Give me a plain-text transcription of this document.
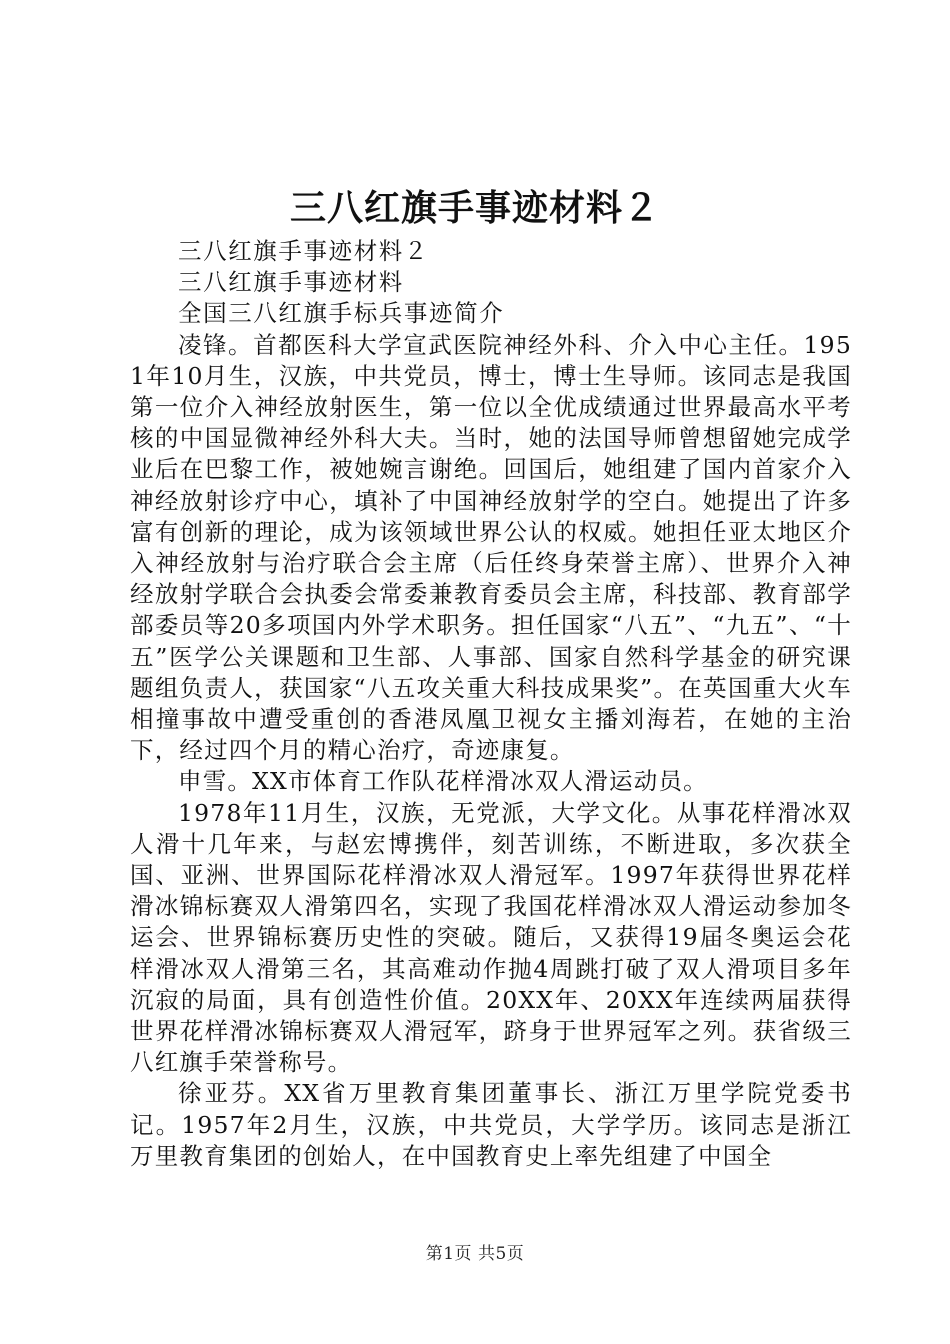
三八红旗手事迹材料２

三八红旗手事迹材料２

三八红旗手事迹材料

全国三八红旗手标兵事迹简介

凌锋。首都医科大学宣武医院神经外科、介入中心主任。1951年10月生，汉族，中共党员，博士，博士生导师。该同志是我国第一位介入神经放射医生，第一位以全优成绩通过世界最高水平考核的中国显微神经外科大夫。当时，她的法国导师曾想留她完成学业后在巴黎工作，被她婉言谢绝。回国后，她组建了国内首家介入神经放射诊疗中心，填补了中国神经放射学的空白。她提出了许多富有创新的理论，成为该领域世界公认的权威。她担任亚太地区介入神经放射与治疗联合会主席（后任终身荣誉主席）、世界介入神经放射学联合会执委会常委兼教育委员会主席，科技部、教育部学部委员等20多项国内外学术职务。担任国家“八五”、“九五”、“十五”医学公关课题和卫生部、人事部、国家自然科学基金的研究课题组负责人，获国家“八五攻关重大科技成果奖”。在英国重大火车相撞事故中遭受重创的香港凤凰卫视女主播刘海若，在她的主治下，经过四个月的精心治疗，奇迹康复。

申雪。XX市体育工作队花样滑冰双人滑运动员。

1978年11月生，汉族，无党派，大学文化。从事花样滑冰双人滑十几年来，与赵宏博携伴，刻苦训练，不断进取，多次获全国、亚洲、世界国际花样滑冰双人滑冠军。1997年获得世界花样滑冰锦标赛双人滑第四名，实现了我国花样滑冰双人滑运动参加冬运会、世界锦标赛历史性的突破。随后，又获得19届冬奥运会花样滑冰双人滑第三名，其高难动作抛4周跳打破了双人滑项目多年沉寂的局面，具有创造性价值。20XX年、20XX年连续两届获得世界花样滑冰锦标赛双人滑冠军，跻身于世界冠军之列。获省级三八红旗手荣誉称号。

徐亚芬。XX省万里教育集团董事长、浙江万里学院党委书记。1957年2月生，汉族，中共党员，大学学历。该同志是浙江万里教育集团的创始人，在中国教育史上率先组建了中国全

第1页 共5页
